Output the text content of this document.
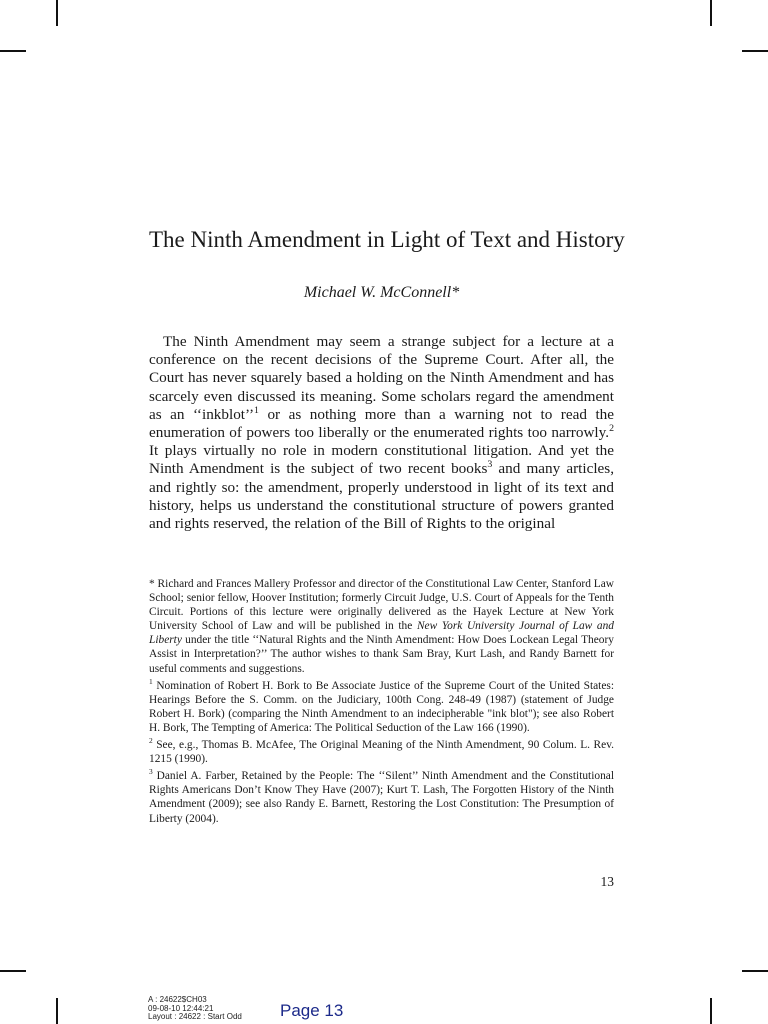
The Ninth Amendment in Light of Text and History
Michael W. McConnell*

The Ninth Amendment may seem a strange subject for a lecture at a conference on the recent decisions of the Supreme Court. After all, the Court has never squarely based a holding on the Ninth Amendment and has scarcely even discussed its meaning. Some scholars regard the amendment as an ‘‘inkblot’’$^1$ or as nothing more than a warning not to read the enumeration of powers too liberally or the enumerated rights too narrowly.$^2$ It plays virtually no role in modern constitutional litigation. And yet the Ninth Amendment is the subject of two recent books$^3$ and many articles, and rightly so: the amendment, properly understood in light of its text and history, helps us understand the constitutional structure of powers granted and rights reserved, the relation of the Bill of Rights to the original

* Richard and Frances Mallery Professor and director of the Constitutional Law Center, Stanford Law School; senior fellow, Hoover Institution; formerly Circuit Judge, U.S. Court of Appeals for the Tenth Circuit. Portions of this lecture were originally delivered as the Hayek Lecture at New York University School of Law and will be published in the New York University Journal of Law and Liberty under the title ‘‘Natural Rights and the Ninth Amendment: How Does Lockean Legal Theory Assist in Interpretation?’’ The author wishes to thank Sam Bray, Kurt Lash, and Randy Barnett for useful comments and suggestions.

$^1$ Nomination of Robert H. Bork to Be Associate Justice of the Supreme Court of the United States: Hearings Before the S. Comm. on the Judiciary, 100th Cong. 248-49 (1987) (statement of Judge Robert H. Bork) (comparing the Ninth Amendment to an indecipherable "ink blot"); see also Robert H. Bork, The Tempting of America: The Political Seduction of the Law 166 (1990).

$^2$ See, e.g., Thomas B. McAfee, The Original Meaning of the Ninth Amendment, 90 Colum. L. Rev. 1215 (1990).

$^3$ Daniel A. Farber, Retained by the People: The ‘‘Silent’’ Ninth Amendment and the Constitutional Rights Americans Don’t Know They Have (2007); Kurt T. Lash, The Forgotten History of the Ninth Amendment (2009); see also Randy E. Barnett, Restoring the Lost Constitution: The Presumption of Liberty (2004).

13
A : 24622$CH03
09-08-10 12:44:21
Layout : 24622 : Start Odd Page 13
